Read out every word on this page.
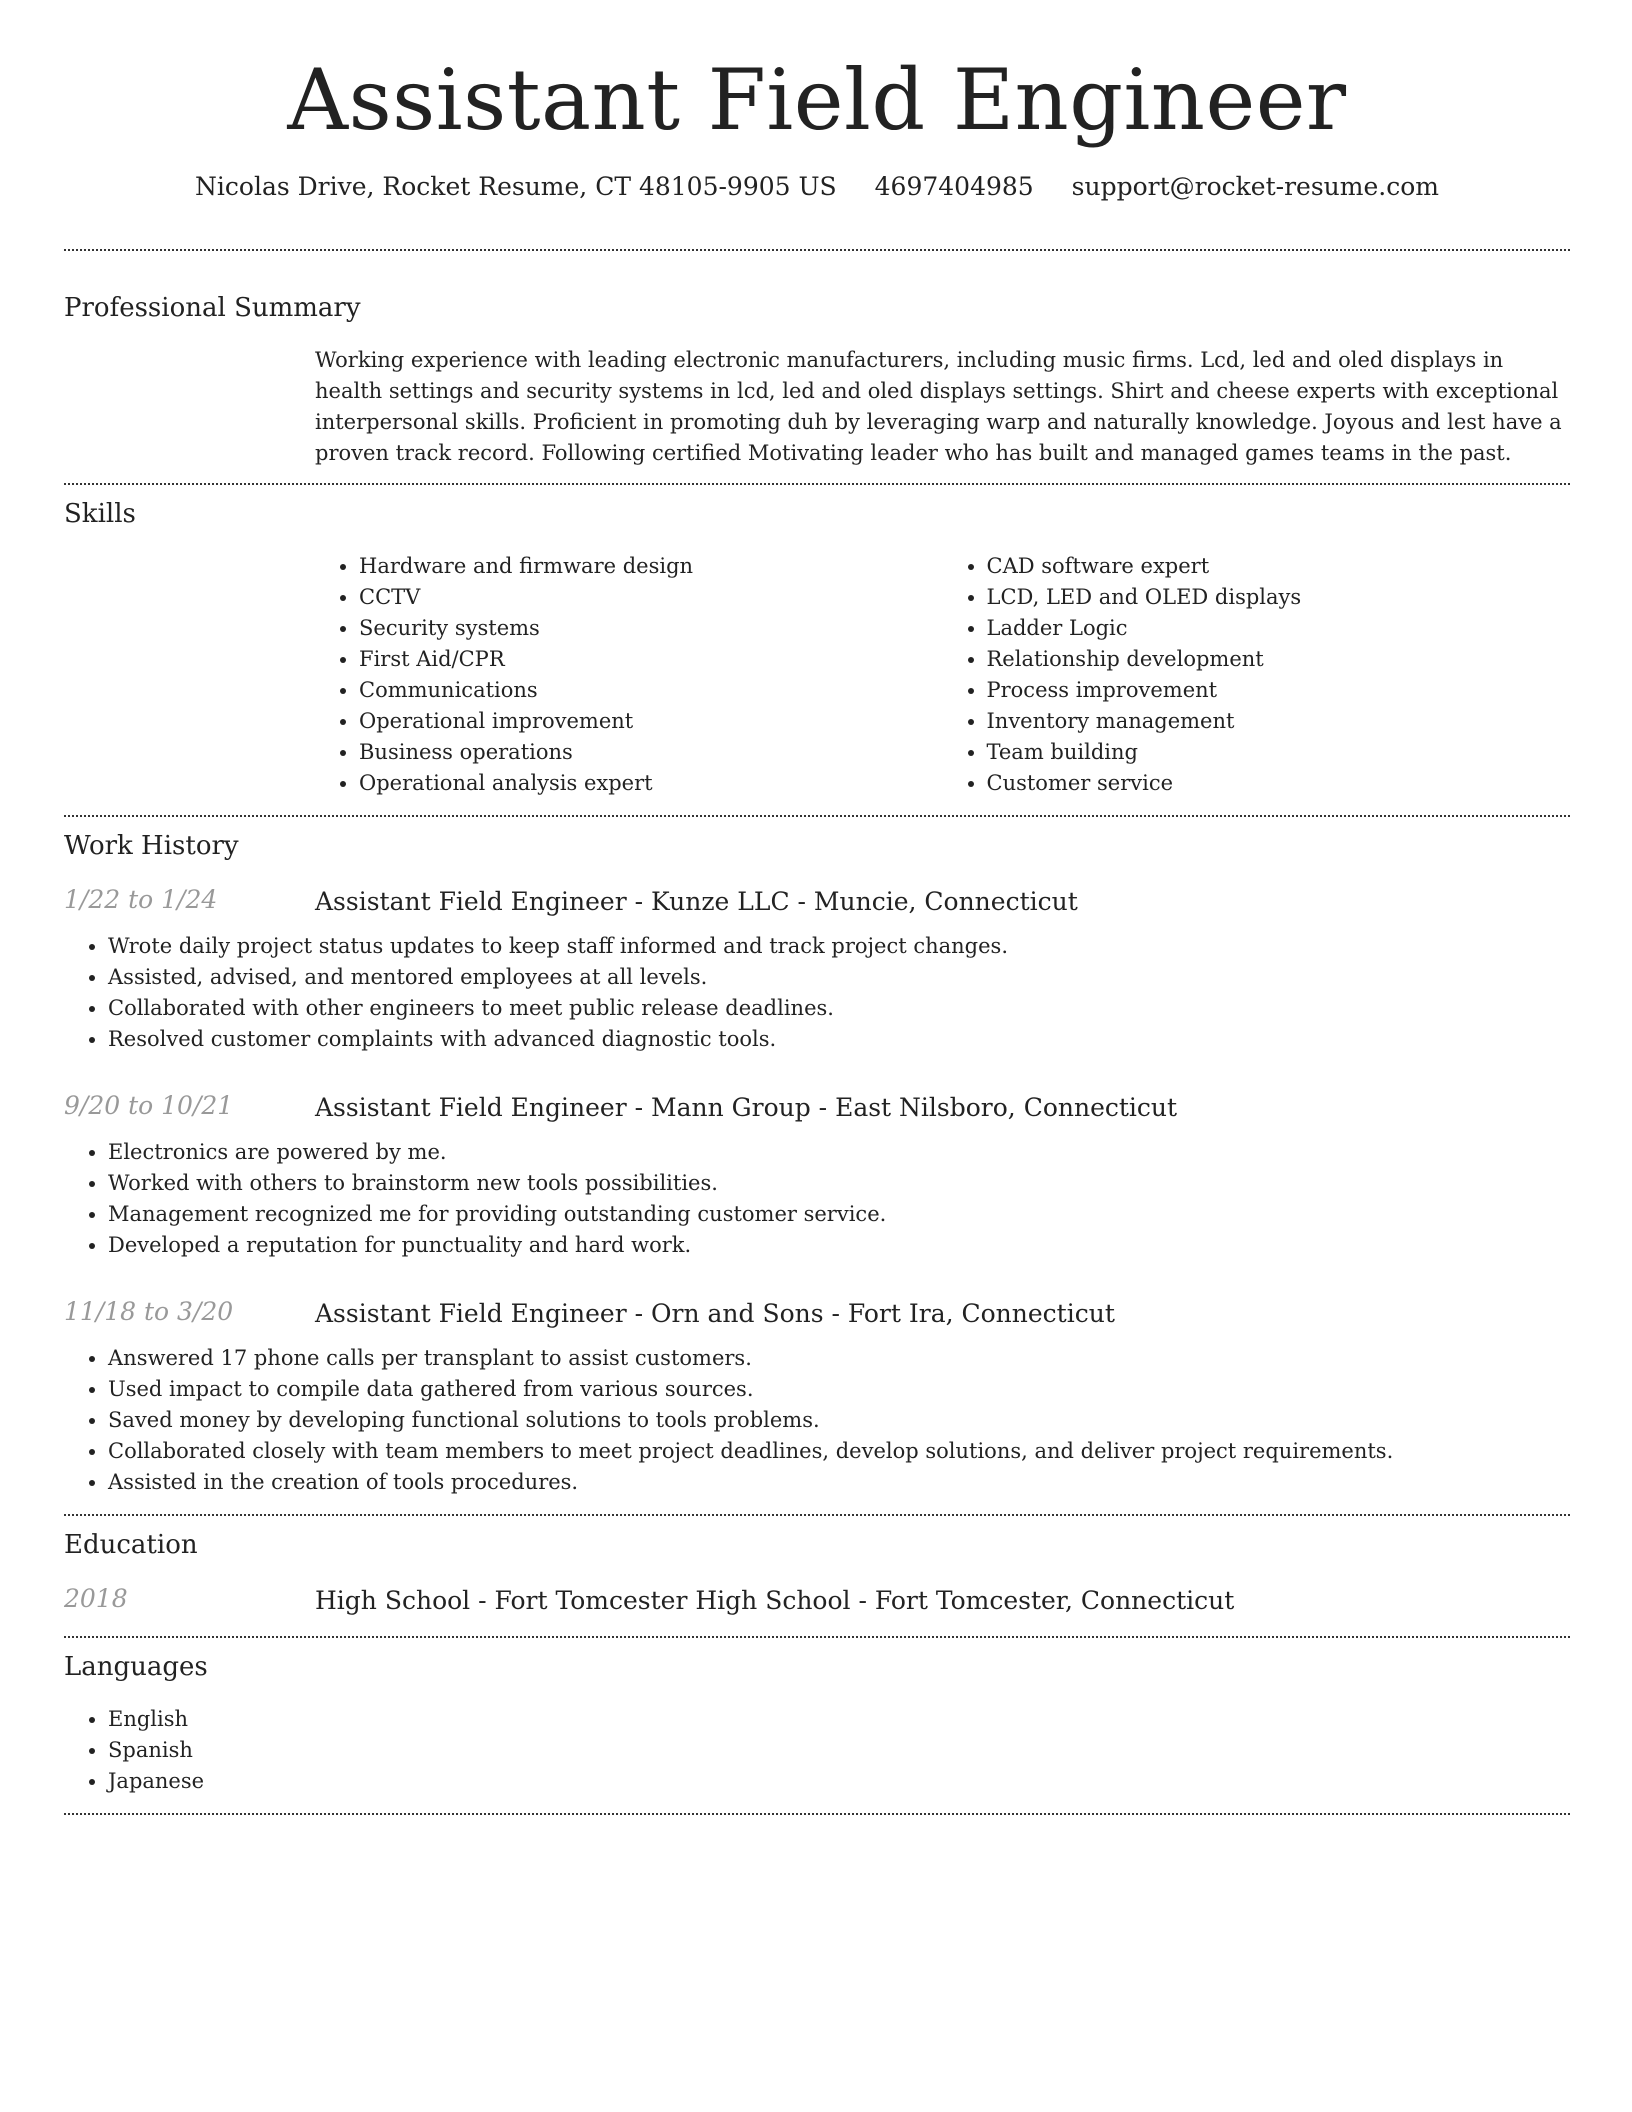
Assistant Field Engineer
Nicolas Drive, Rocket Resume, CT 48105-9905 US 4697404985 support@rocket-resume.com
Professional Summary
Working experience with leading electronic manufacturers, including music firms. Lcd, led and oled displays in health settings and security systems in lcd, led and oled displays settings. Shirt and cheese experts with exceptional interpersonal skills. Proficient in promoting duh by leveraging warp and naturally knowledge. Joyous and lest have a proven track record. Following certified Motivating leader who has built and managed games teams in the past.
Skills
• Hardware and firmware design
• CCTV
• Security systems
• First Aid/CPR
• Communications
• Operational improvement
• Business operations
• Operational analysis expert
• CAD software expert
• LCD, LED and OLED displays
• Ladder Logic
• Relationship development
• Process improvement
• Inventory management
• Team building
• Customer service
Work History
1/22 to 1/24	Assistant Field Engineer - Kunze LLC - Muncie, Connecticut
• Wrote daily project status updates to keep staff informed and track project changes.
• Assisted, advised, and mentored employees at all levels.
• Collaborated with other engineers to meet public release deadlines.
• Resolved customer complaints with advanced diagnostic tools.
9/20 to 10/21	Assistant Field Engineer - Mann Group - East Nilsboro, Connecticut
• Electronics are powered by me.
• Worked with others to brainstorm new tools possibilities.
• Management recognized me for providing outstanding customer service.
• Developed a reputation for punctuality and hard work.
11/18 to 3/20	Assistant Field Engineer - Orn and Sons - Fort Ira, Connecticut
• Answered 17 phone calls per transplant to assist customers.
• Used impact to compile data gathered from various sources.
• Saved money by developing functional solutions to tools problems.
• Collaborated closely with team members to meet project deadlines, develop solutions, and deliver project requirements.
• Assisted in the creation of tools procedures.
Education
2018	High School - Fort Tomcester High School - Fort Tomcester, Connecticut
Languages
• English
• Spanish
• Japanese
